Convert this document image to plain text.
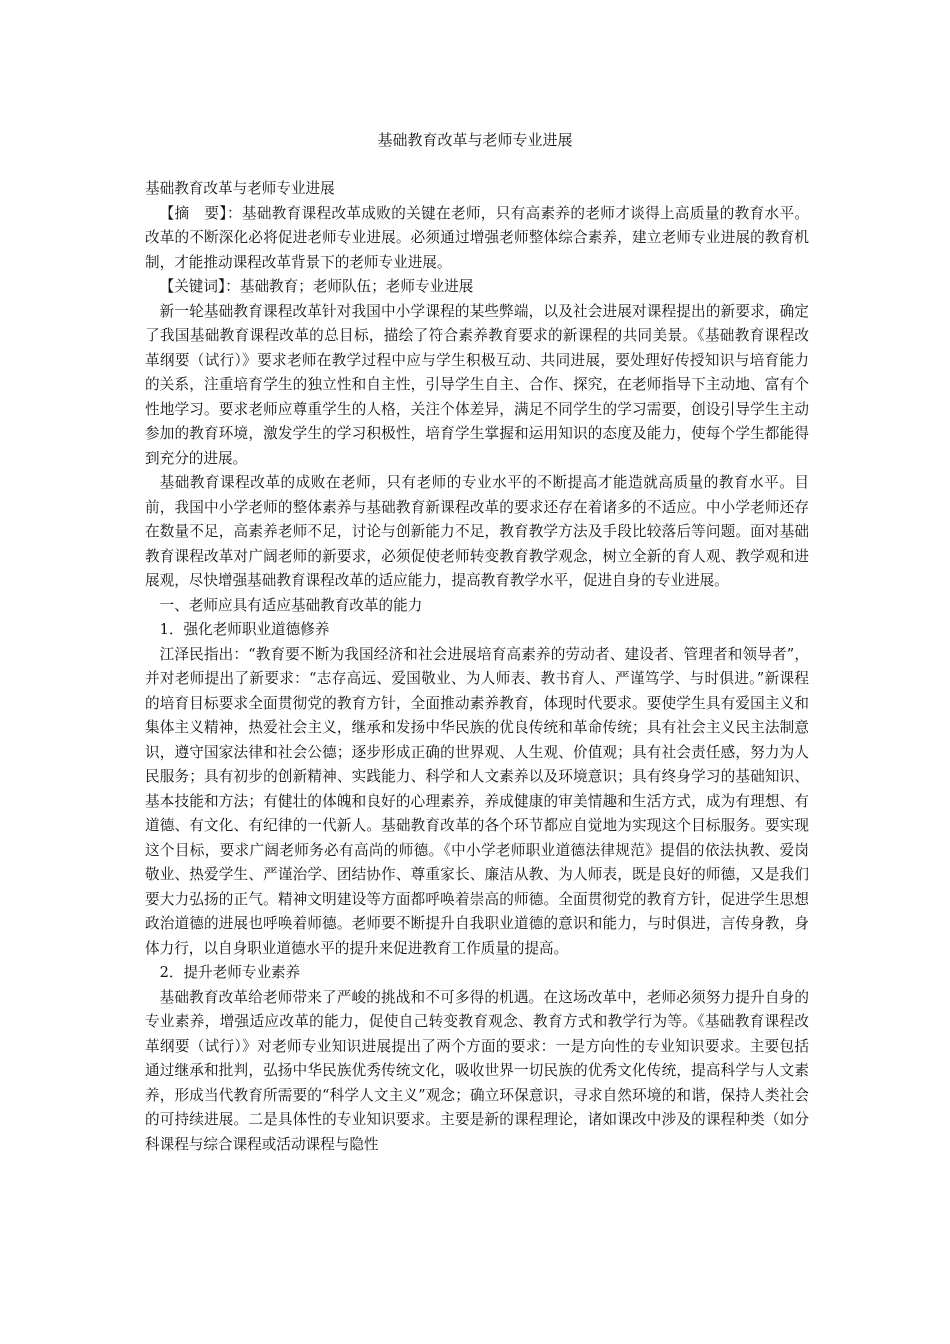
基础教育改革与老师专业进展

基础教育改革与老师专业进展

【摘　要】：基础教育课程改革成败的关键在老师，只有高素养的老师才谈得上高质量的教育水平。改革的不断深化必将促进老师专业进展。必须通过增强老师整体综合素养，建立老师专业进展的教育机制，才能推动课程改革背景下的老师专业进展。

【关键词】：基础教育；老师队伍；老师专业进展

新一轮基础教育课程改革针对我国中小学课程的某些弊端，以及社会进展对课程提出的新要求，确定了我国基础教育课程改革的总目标，描绘了符合素养教育要求的新课程的共同美景。《基础教育课程改革纲要（试行）》要求老师在教学过程中应与学生积极互动、共同进展，要处理好传授知识与培育能力的关系，注重培育学生的独立性和自主性，引导学生自主、合作、探究，在老师指导下主动地、富有个性地学习。要求老师应尊重学生的人格，关注个体差异，满足不同学生的学习需要，创设引导学生主动参加的教育环境，激发学生的学习积极性，培育学生掌握和运用知识的态度及能力，使每个学生都能得到充分的进展。

基础教育课程改革的成败在老师，只有老师的专业水平的不断提高才能造就高质量的教育水平。目前，我国中小学老师的整体素养与基础教育新课程改革的要求还存在着诸多的不适应。中小学老师还存在数量不足，高素养老师不足，讨论与创新能力不足，教育教学方法及手段比较落后等问题。面对基础教育课程改革对广阔老师的新要求，必须促使老师转变教育教学观念，树立全新的育人观、教学观和进展观，尽快增强基础教育课程改革的适应能力，提高教育教学水平，促进自身的专业进展。

一、老师应具有适应基础教育改革的能力

1．强化老师职业道德修养

江泽民指出：“教育要不断为我国经济和社会进展培育高素养的劳动者、建设者、管理者和领导者”，并对老师提出了新要求：“志存高远、爱国敬业、为人师表、教书育人、严谨笃学、与时俱进。”新课程的培育目标要求全面贯彻党的教育方针，全面推动素养教育，体现时代要求。要使学生具有爱国主义和集体主义精神，热爱社会主义，继承和发扬中华民族的优良传统和革命传统；具有社会主义民主法制意识，遵守国家法律和社会公德；逐步形成正确的世界观、人生观、价值观；具有社会责任感，努力为人民服务；具有初步的创新精神、实践能力、科学和人文素养以及环境意识；具有终身学习的基础知识、基本技能和方法；有健壮的体魄和良好的心理素养，养成健康的审美情趣和生活方式，成为有理想、有道德、有文化、有纪律的一代新人。基础教育改革的各个环节都应自觉地为实现这个目标服务。要实现这个目标，要求广阔老师务必有高尚的师德。《中小学老师职业道德法律规范》提倡的依法执教、爱岗敬业、热爱学生、严谨治学、团结协作、尊重家长、廉洁从教、为人师表，既是良好的师德，又是我们要大力弘扬的正气。精神文明建设等方面都呼唤着崇高的师德。全面贯彻党的教育方针，促进学生思想政治道德的进展也呼唤着师德。老师要不断提升自我职业道德的意识和能力，与时俱进，言传身教，身体力行，以自身职业道德水平的提升来促进教育工作质量的提高。

2．提升老师专业素养

基础教育改革给老师带来了严峻的挑战和不可多得的机遇。在这场改革中，老师必须努力提升自身的专业素养，增强适应改革的能力，促使自己转变教育观念、教育方式和教学行为等。《基础教育课程改革纲要（试行）》对老师专业知识进展提出了两个方面的要求：一是方向性的专业知识要求。主要包括通过继承和批判，弘扬中华民族优秀传统文化，吸收世界一切民族的优秀文化传统，提高科学与人文素养，形成当代教育所需要的“科学人文主义”观念；确立环保意识，寻求自然环境的和谐，保持人类社会的可持续进展。二是具体性的专业知识要求。主要是新的课程理论，诸如课改中涉及的课程种类（如分科课程与综合课程或活动课程与隐性
